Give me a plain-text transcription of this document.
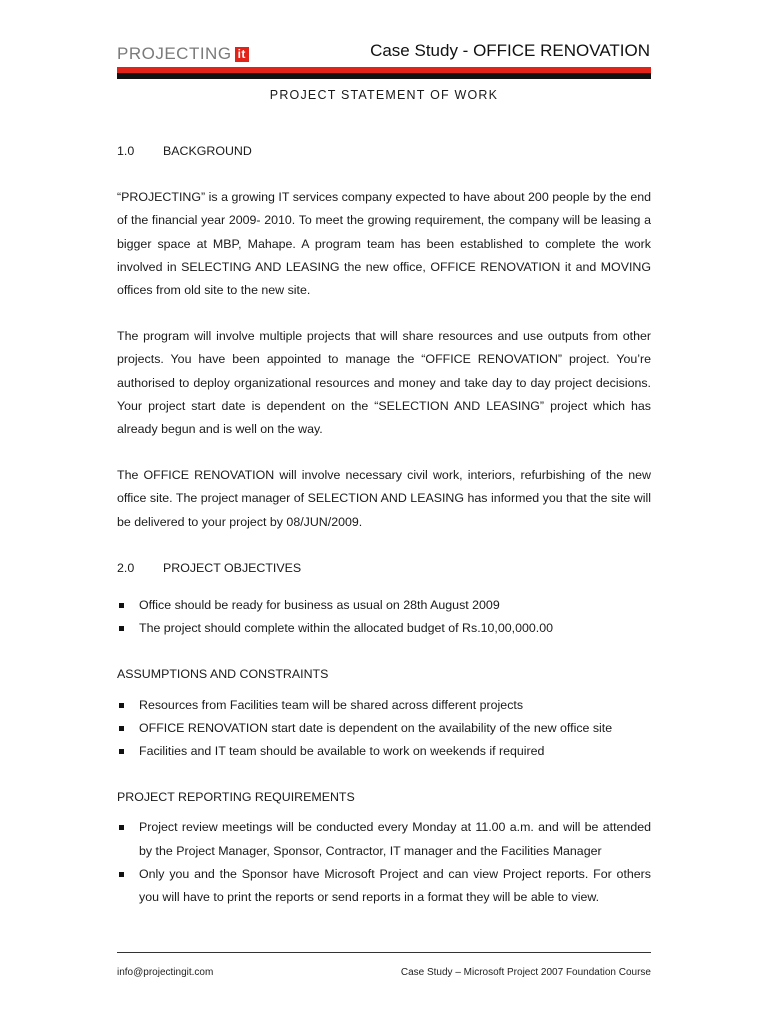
PROJECTING it	Case Study - OFFICE RENOVATION
PROJECT STATEMENT OF WORK
1.0	BACKGROUND

“PROJECTING” is a growing IT services company expected to have about 200 people by the end of the financial year 2009- 2010. To meet the growing requirement, the company will be leasing a bigger space at MBP, Mahape. A program team has been established to complete the work involved in SELECTING AND LEASING the new office, OFFICE RENOVATION it and MOVING offices from old site to the new site.

The program will involve multiple projects that will share resources and use outputs from other projects. You have been appointed to manage the “OFFICE RENOVATION” project. You’re authorised to deploy organizational resources and money and take day to day project decisions. Your project start date is dependent on the “SELECTION AND LEASING” project which has already begun and is well on the way.

The OFFICE RENOVATION will involve necessary civil work, interiors, refurbishing of the new office site. The project manager of SELECTION AND LEASING has informed you that the site will be delivered to your project by 08/JUN/2009.

2.0	PROJECT OBJECTIVES
Office should be ready for business as usual on 28th August 2009
The project should complete within the allocated budget of Rs.10,00,000.00

ASSUMPTIONS AND CONSTRAINTS

Resources from Facilities team will be shared across different projects
OFFICE RENOVATION start date is dependent on the availability of the new office site
Facilities and IT team should be available to work on weekends if required

PROJECT REPORTING REQUIREMENTS

Project review meetings will be conducted every Monday at 11.00 a.m. and will be attended by the Project Manager, Sponsor, Contractor, IT manager and the Facilities Manager
Only you and the Sponsor have Microsoft Project and can view Project reports. For others you will have to print the reports or send reports in a format they will be able to view.
info@projectingit.com	Case Study – Microsoft Project 2007 Foundation Course
